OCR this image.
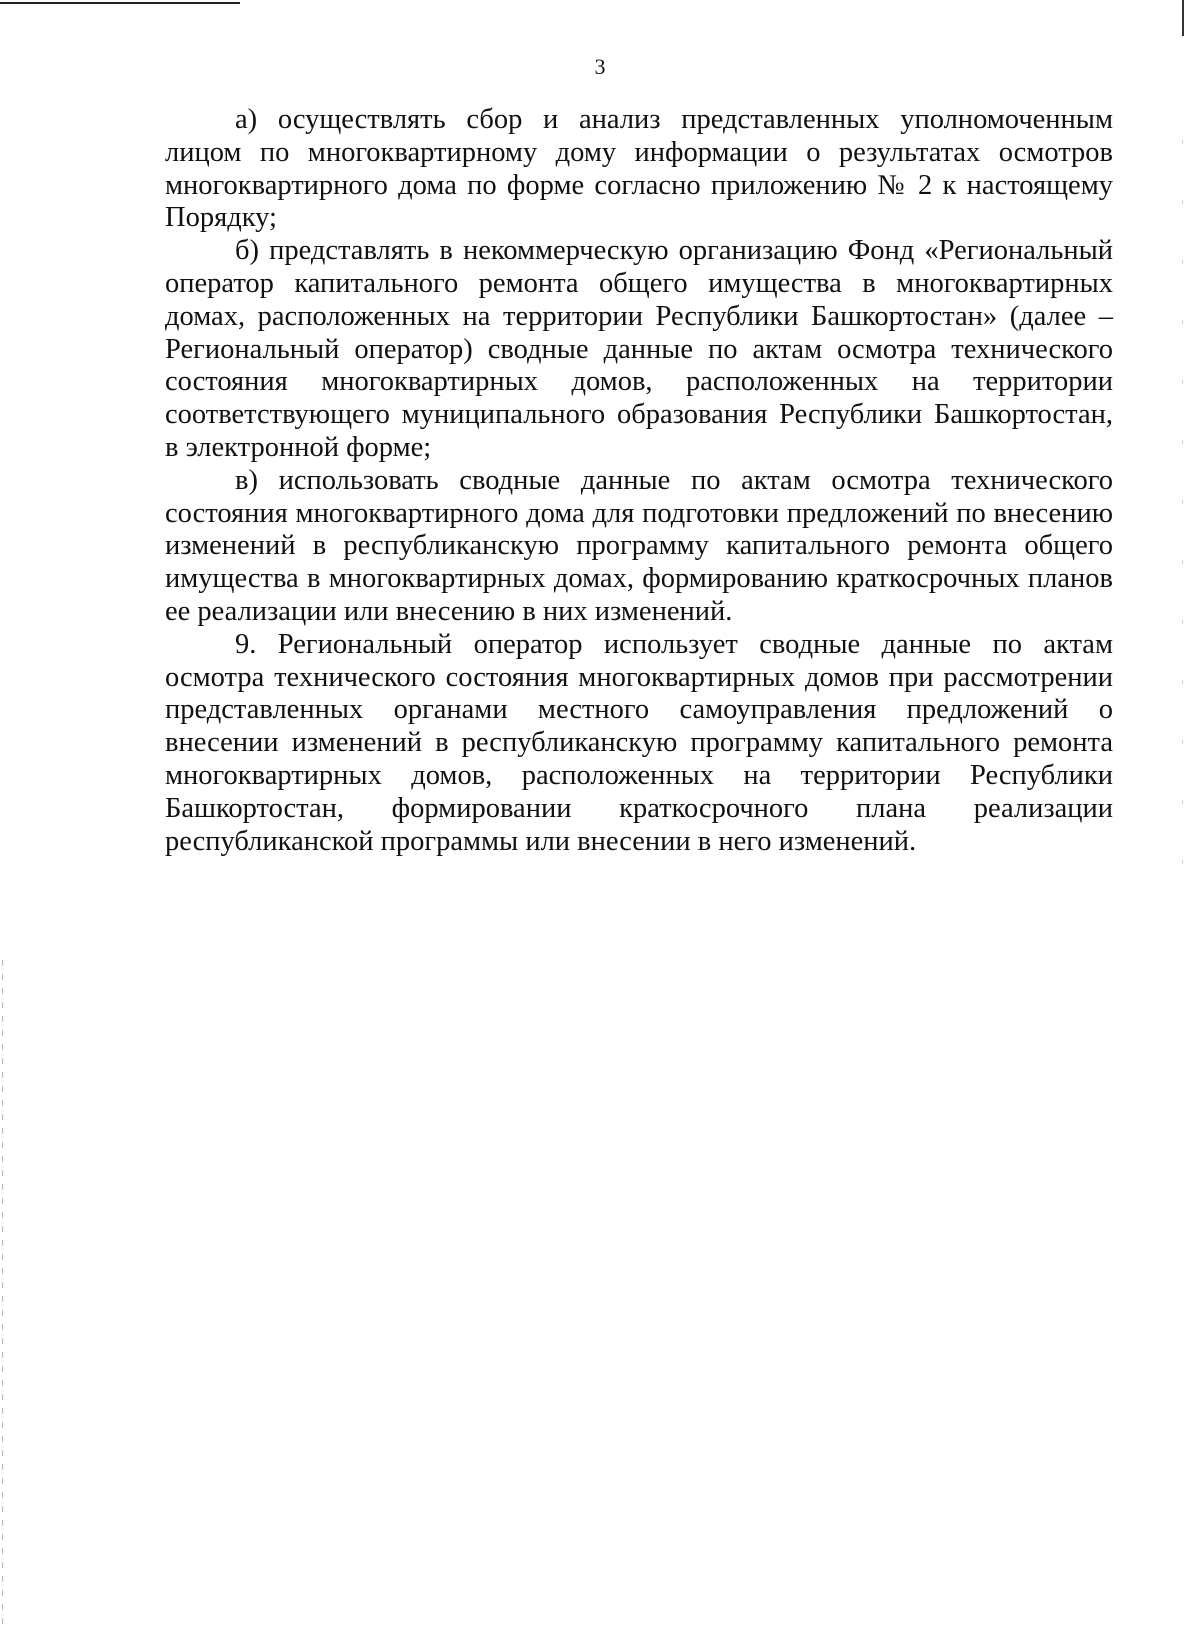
3

а) осуществлять сбор и анализ представленных уполномоченным лицом по многоквартирному дому информации о результатах осмотров многоквартирного дома по форме согласно приложению № 2 к настоящему Порядку;

б) представлять в некоммерческую организацию Фонд «Региональный оператор капитального ремонта общего имущества в многоквартирных домах, расположенных на территории Республики Башкортостан» (далее – Региональный оператор) сводные данные по актам осмотра технического состояния многоквартирных домов, расположенных на территории соответствующего муниципального образования Республики Башкортостан, в электронной форме;

в) использовать сводные данные по актам осмотра технического состояния многоквартирного дома для подготовки предложений по внесению изменений в республиканскую программу капитального ремонта общего имущества в многоквартирных домах, формированию краткосрочных планов ее реализации или внесению в них изменений.

9. Региональный оператор использует сводные данные по актам осмотра технического состояния многоквартирных домов при рассмотрении представленных органами местного самоуправления предложений о внесении изменений в республиканскую программу капитального ремонта многоквартирных домов, расположенных на территории Республики Башкортостан, формировании краткосрочного плана реализации республиканской программы или внесении в него изменений.
